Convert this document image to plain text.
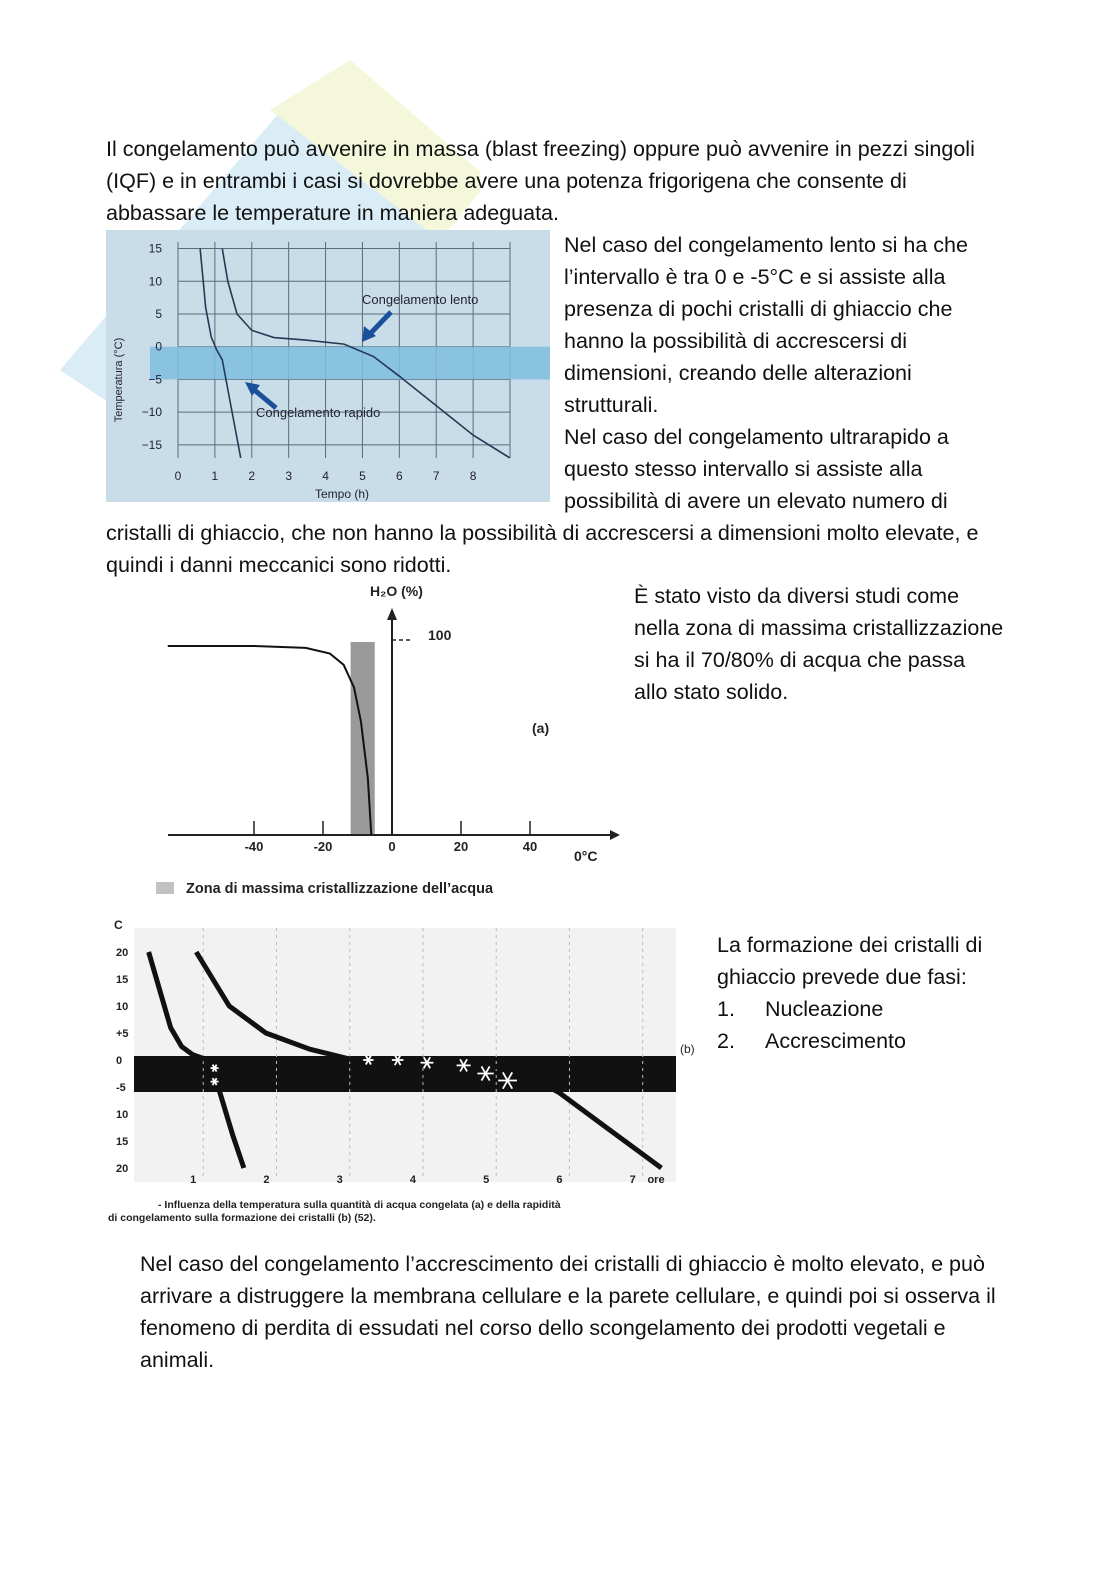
Il congelamento può avvenire in massa (blast freezing) oppure può avvenire in pezzi singoli (IQF) e in entrambi i casi si dovrebbe avere una potenza frigorigena che consente di abbassare le temperature in maniera adeguata.
15
10
5
0
−5
−10
−15
0	1	2	3	4	5	6	7	8
Temperatura (°C)
Tempo (h)
Congelamento lento
Congelamento rapido
Nel caso del congelamento lento si ha che l’intervallo è tra 0 e -5°C e si assiste alla presenza di pochi cristalli di ghiaccio che hanno la possibilità di accrescersi di dimensioni, creando delle alterazioni strutturali.
Nel caso del congelamento ultrarapido a questo stesso intervallo si assiste alla possibilità di avere un elevato numero di
cristalli di ghiaccio, che non hanno la possibilità di accrescersi a dimensioni molto elevate, e quindi i danni meccanici sono ridotti.
-40	-20	0	20	40
H₂O (%)
100
(a)
0°C
Zona di massima cristallizzazione dell’acqua
È stato visto da diversi studi come nella zona di massima cristallizzazione si ha il 70/80% di acqua che passa allo stato solido.
20
15
10
+5
0
-5
10
15
20
1	2	3	4	5	6	7 ore
C
(b)
- Influenza della temperatura sulla quantità di acqua congelata (a) e della rapidità
di congelamento sulla formazione dei cristalli (b) (52).
La formazione dei cristalli di ghiaccio prevede due fasi:
1.	Nucleazione
2.	Accrescimento
Nel caso del congelamento l’accrescimento dei cristalli di ghiaccio è molto elevato, e può arrivare a distruggere la membrana cellulare e la parete cellulare, e quindi poi si osserva il fenomeno di perdita di essudati nel corso dello scongelamento dei prodotti vegetali e animali.
